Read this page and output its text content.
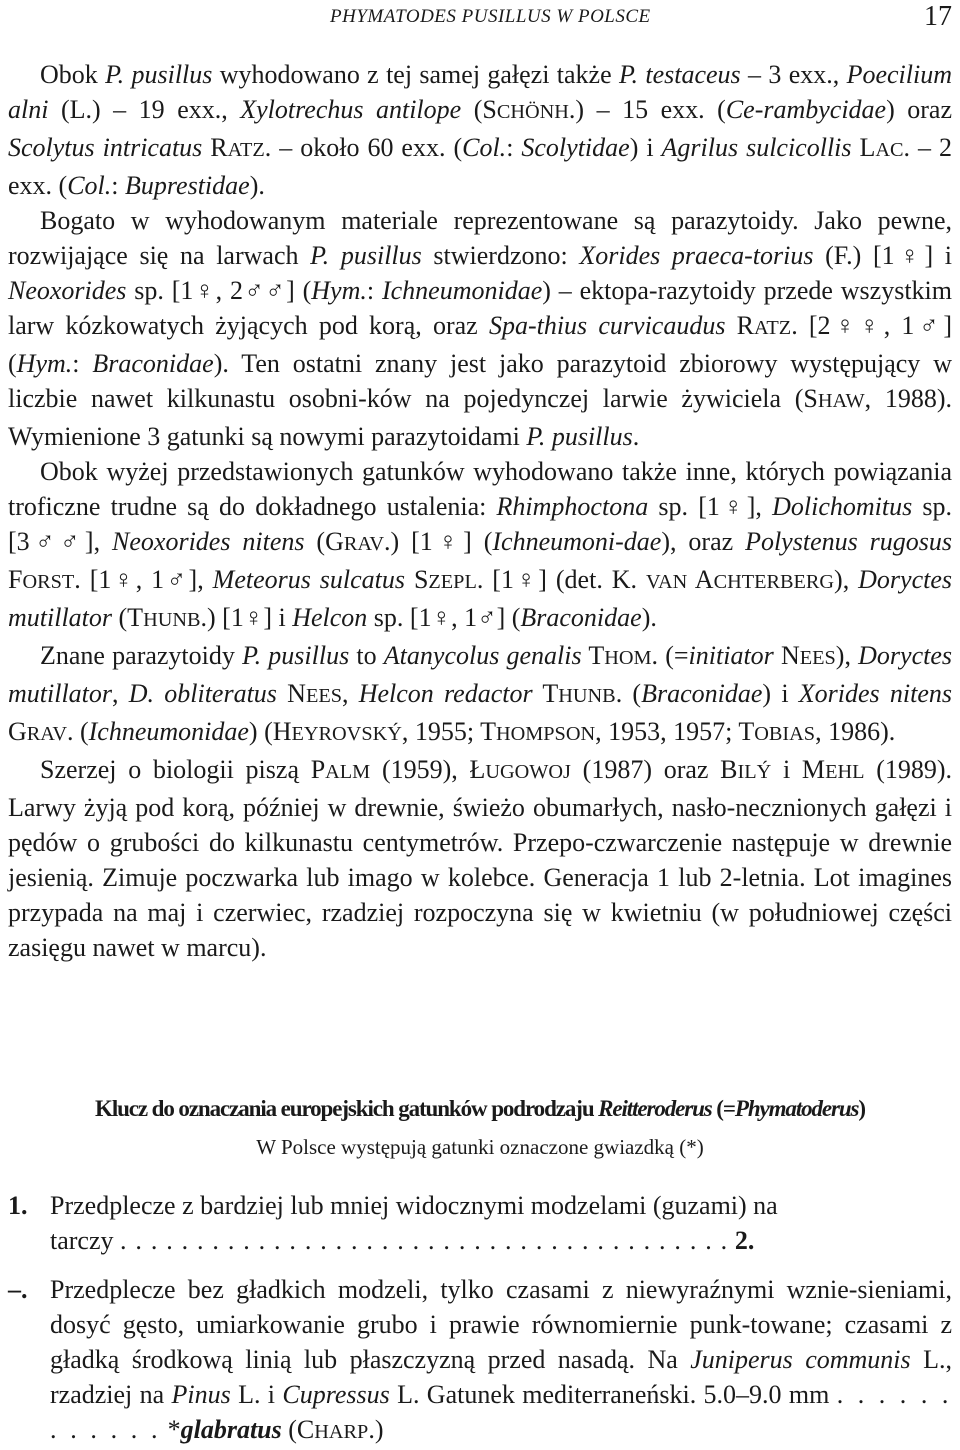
PHYMATODES PUSILLUS W POLSCE	17

Obok P. pusillus wyhodowano z tej samej gałęzi także P. testaceus – 3 exx., Poecilium alni (L.) – 19 exx., Xylotrechus antilope (SCHÖNH.) – 15 exx. (Ce-rambycidae) oraz Scolytus intricatus RATZ. – około 60 exx. (Col.: Scolytidae) i Agrilus sulcicollis LAC. – 2 exx. (Col.: Buprestidae).

Bogato w wyhodowanym materiale reprezentowane są parazytoidy. Jako pewne, rozwijające się na larwach P. pusillus stwierdzono: Xorides praeca-torius (F.) [1♀] i Neoxorides sp. [1♀, 2♂♂] (Hym.: Ichneumonidae) – ektopa-razytoidy przede wszystkim larw kózkowatych żyjących pod korą, oraz Spa-thius curvicaudus RATZ. [2♀♀, 1♂] (Hym.: Braconidae). Ten ostatni znany jest jako parazytoid zbiorowy występujący w liczbie nawet kilkunastu osobni-ków na pojedynczej larwie żywiciela (SHAW, 1988). Wymienione 3 gatunki są nowymi parazytoidami P. pusillus.

Obok wyżej przedstawionych gatunków wyhodowano także inne, których powiązania troficzne trudne są do dokładnego ustalenia: Rhimphoctona sp. [1♀], Dolichomitus sp. [3♂♂], Neoxorides nitens (GRAV.) [1♀] (Ichneumoni-dae), oraz Polystenus rugosus FORST. [1♀, 1♂], Meteorus sulcatus SZEPL. [1♀] (det. K. VAN ACHTERBERG), Doryctes mutillator (THUNB.) [1♀] i Helcon sp. [1♀, 1♂] (Braconidae).

Znane parazytoidy P. pusillus to Atanycolus genalis THOM. (=initiator NEES), Doryctes mutillator, D. obliteratus NEES, Helcon redactor THUNB. (Braconidae) i Xorides nitens GRAV. (Ichneumonidae) (HEYROVSKÝ, 1955; THOMPSON, 1953, 1957; TOBIAS, 1986).

Szerzej o biologii piszą PALM (1959), ŁUGOWOJ (1987) oraz BILÝ i MEHL (1989). Larwy żyją pod korą, później w drewnie, świeżo obumarłych, nasło-necznionych gałęzi i pędów o grubości do kilkunastu centymetrów. Przepo-czwarczenie następuje w drewnie jesienią. Zimuje poczwarka lub imago w kolebce. Generacja 1 lub 2-letnia. Lot imagines przypada na maj i czerwiec, rzadziej rozpoczyna się w kwietniu (w południowej części zasięgu nawet w marcu).

Klucz do oznaczania europejskich gatunków podrodzaju Reitteroderus (=Phymatoderus)
W Polsce występują gatunki oznaczone gwiazdką (*)
1. Przedplecze z bardziej lub mniej widocznymi modzelami (guzami) na
tarczy . . . . . . . . . . . . . . . . . . . . . . . . . . . . . . . . . . . . . . . . 2.
–. Przedplecze bez gładkich modzeli, tylko czasami z niewyraźnymi wznie-sieniami, dosyć gęsto, umiarkowanie grubo i prawie równomiernie punk-towane; czasami z gładką środkową linią lub płaszczyzną przed nasadą. Na Juniperus communis L., rzadziej na Pinus L. i Cupressus L. Gatunek mediterraneński. 5.0–9.0 mm . . . . . . . . . . . . *glabratus (CHARP.)
